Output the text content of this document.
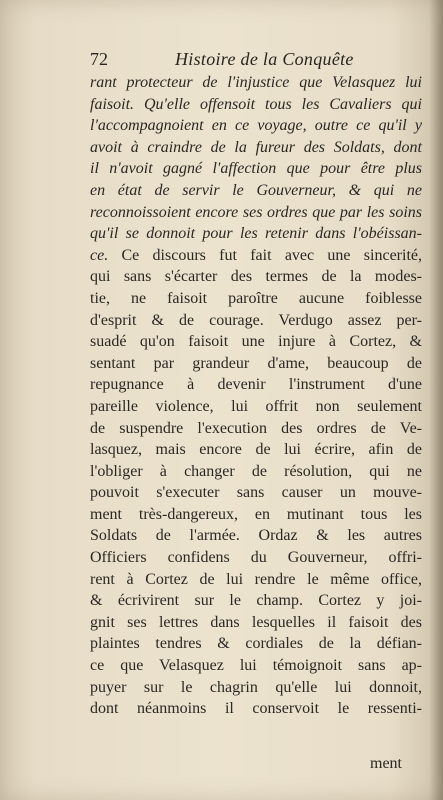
72	Histoire de la Conquête
rant protecteur de l'injustice que Velasquez lui
faisoit. Qu'elle offensoit tous les Cavaliers qui
l'accompagnoient en ce voyage, outre ce qu'il y
avoit à craindre de la fureur des Soldats, dont
il n'avoit gagné l'affection que pour être plus
en état de servir le Gouverneur, & qui ne
reconnoissoient encore ses ordres que par les soins
qu'il se donnoit pour les retenir dans l'obéissan-
ce. Ce discours fut fait avec une sincerité,
qui sans s'écarter des termes de la modes-
tie, ne faisoit paroître aucune foiblesse
d'esprit & de courage. Verdugo assez per-
suadé qu'on faisoit une injure à Cortez, &
sentant par grandeur d'ame, beaucoup de
repugnance à devenir l'instrument d'une
pareille violence, lui offrit non seulement
de suspendre l'execution des ordres de Ve-
lasquez, mais encore de lui écrire, afin de
l'obliger à changer de résolution, qui ne
pouvoit s'executer sans causer un mouve-
ment très-dangereux, en mutinant tous les
Soldats de l'armée. Ordaz & les autres
Officiers confidens du Gouverneur, offri-
rent à Cortez de lui rendre le même office,
& écrivirent sur le champ. Cortez y joi-
gnit ses lettres dans lesquelles il faisoit des
plaintes tendres & cordiales de la défian-
ce que Velasquez lui témoignoit sans ap-
puyer sur le chagrin qu'elle lui donnoit,
dont néanmoins il conservoit le ressenti-
ment
